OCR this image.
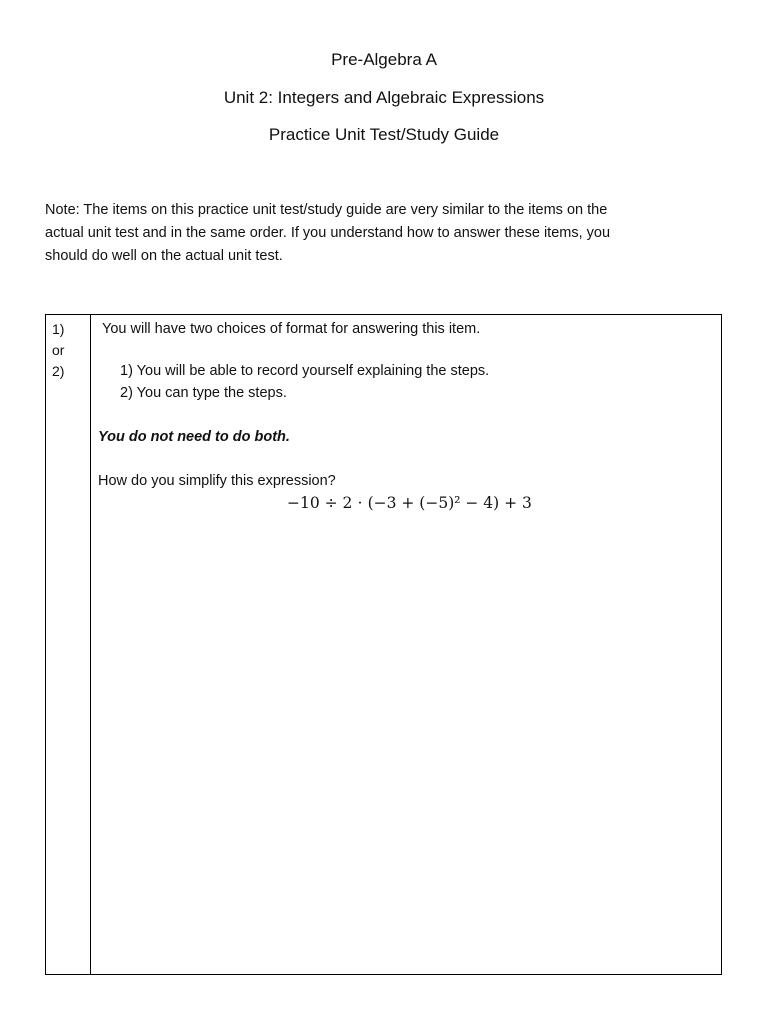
Pre-Algebra A
Unit 2: Integers and Algebraic Expressions
Practice Unit Test/Study Guide

Note: The items on this practice unit test/study guide are very similar to the items on the

actual unit test and in the same order. If you understand how to answer these items, you

should do well on the actual unit test.

1)
or
2)
You will have two choices of format for answering this item.
1) You will be able to record yourself explaining the steps.
2) You can type the steps.
You do not need to do both.
How do you simplify this expression?
−10 ÷ 2 ⋅ (−3 + (−5)² − 4) + 3
